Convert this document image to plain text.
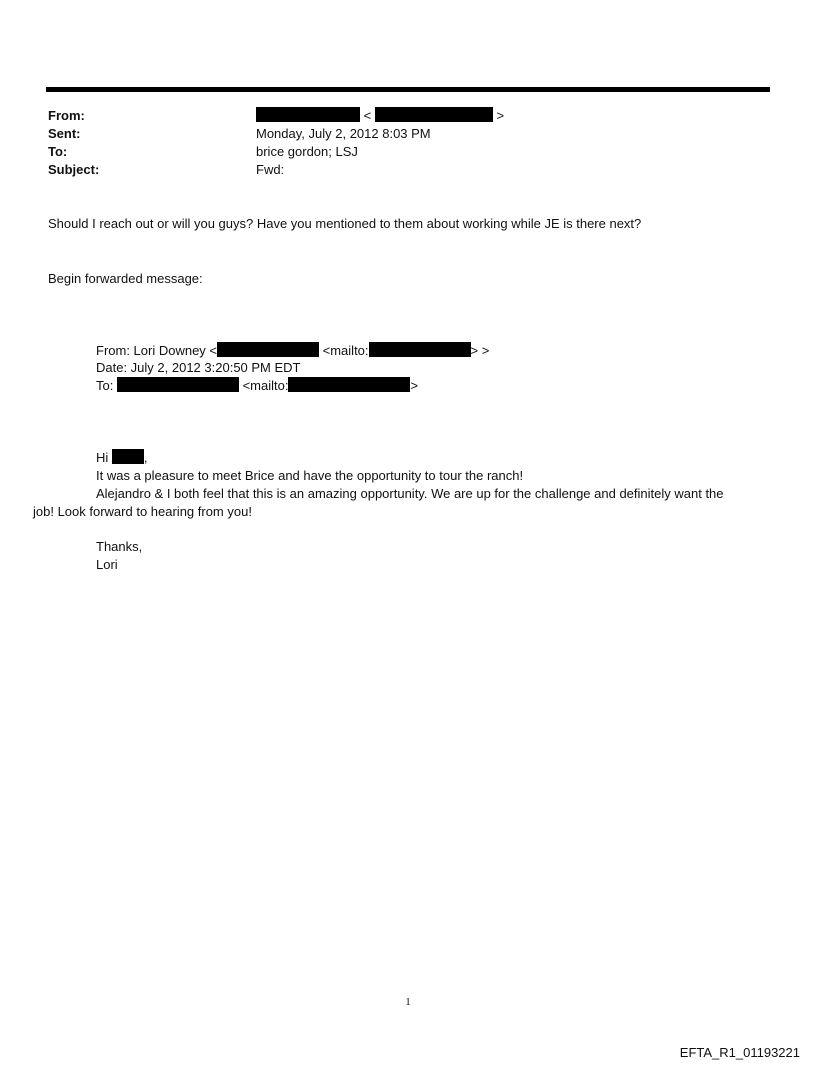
From:	<	>
Sent:	Monday, July 2, 2012 8:03 PM
To:	brice gordon; LSJ
Subject:	Fwd:
Should I reach out or will you guys? Have you mentioned to them about working while JE is there next?
Begin forwarded message:
From: Lori Downey <	<mailto:	> >
Date: July 2, 2012 3:20:50 PM EDT
To:	<mailto:	>
Hi	,
It was a pleasure to meet Brice and have the opportunity to tour the ranch!
Alejandro & I both feel that this is an amazing opportunity. We are up for the challenge and definitely want the
job! Look forward to hearing from you!
Thanks,
Lori
1
EFTA_R1_01193221
